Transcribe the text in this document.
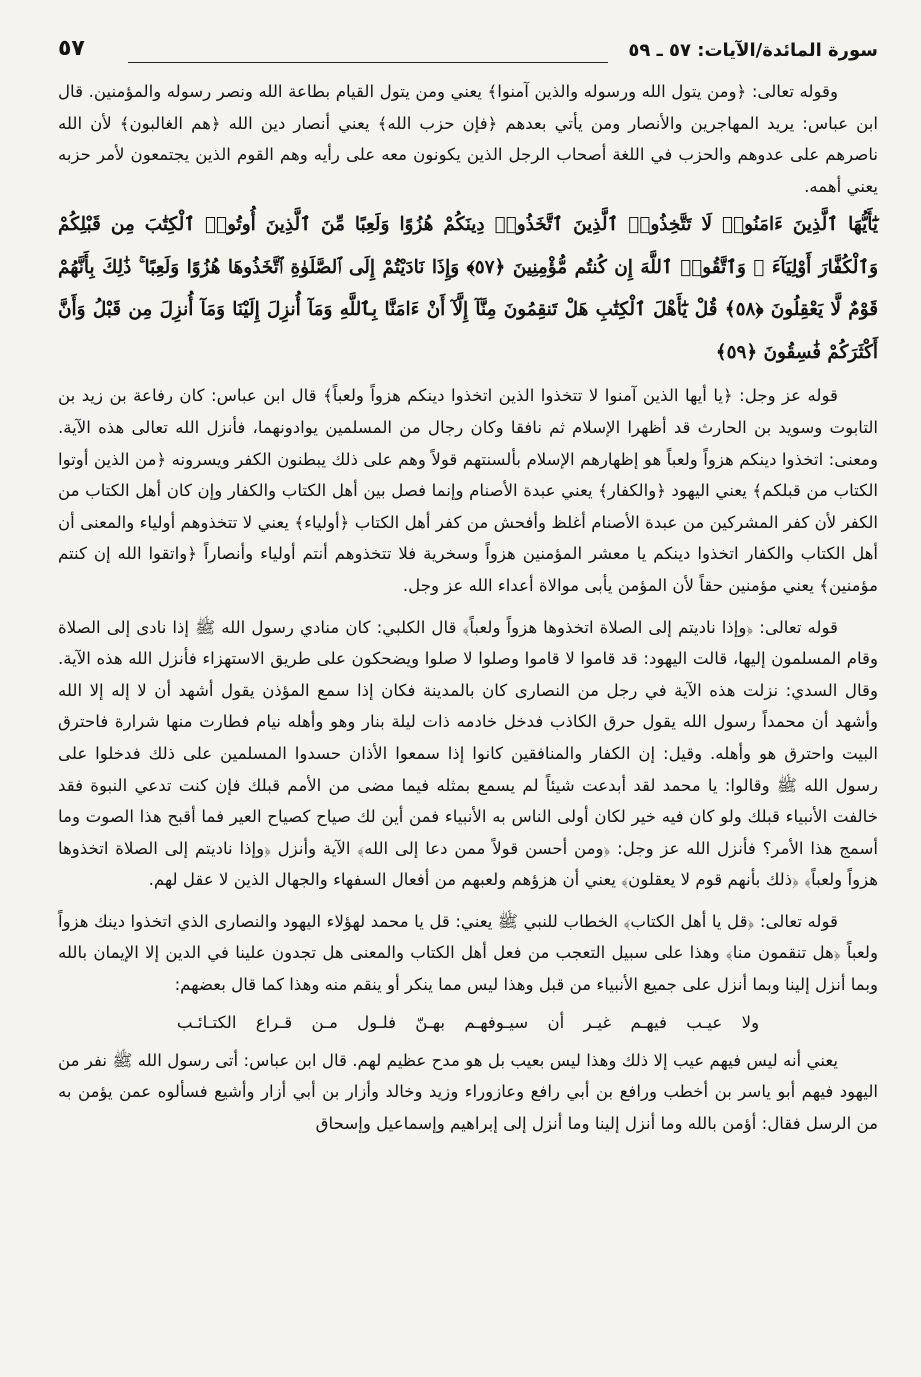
سورة المائدة/الآيات: ٥٧ ـ ٥٩
٥٧

وقوله تعالى: ﴿ومن يتول الله ورسوله والذين آمنوا﴾ يعني ومن يتول القيام بطاعة الله ونصر رسوله والمؤمنين. قال ابن عباس: يريد المهاجرين والأنصار ومن يأتي بعدهم ﴿فإن حزب الله﴾ يعني أنصار دين الله ﴿هم الغالبون﴾ لأن الله ناصرهم على عدوهم والحزب في اللغة أصحاب الرجل الذين يكونون معه على رأيه وهم القوم الذين يجتمعون لأمر حزبه يعني أهمه.

يَٰٓأَيُّهَا ٱلَّذِينَ ءَامَنُوا۟ لَا تَتَّخِذُوا۟ ٱلَّذِينَ ٱتَّخَذُوا۟ دِينَكُمْ هُزُوًا وَلَعِبًا مِّنَ ٱلَّذِينَ أُوتُوا۟ ٱلْكِتَٰبَ مِن قَبْلِكُمْ وَٱلْكُفَّارَ أَوْلِيَآءَ ۚ وَٱتَّقُوا۟ ٱللَّهَ إِن كُنتُم مُّؤْمِنِينَ ﴿٥٧﴾ وَإِذَا نَادَيْتُمْ إِلَى ٱلصَّلَوٰةِ ٱتَّخَذُوهَا هُزُوًا وَلَعِبًا ۚ ذَٰلِكَ بِأَنَّهُمْ قَوْمٌ لَّا يَعْقِلُونَ ﴿٥٨﴾ قُلْ يَٰٓأَهْلَ ٱلْكِتَٰبِ هَلْ تَنقِمُونَ مِنَّآ إِلَّآ أَنْ ءَامَنَّا بِٱللَّهِ وَمَآ أُنزِلَ إِلَيْنَا وَمَآ أُنزِلَ مِن قَبْلُ وَأَنَّ أَكْثَرَكُمْ فَٰسِقُونَ ﴿٥٩﴾

قوله عز وجل: ﴿يا أيها الذين آمنوا لا تتخذوا الذين اتخذوا دينكم هزواً ولعباً﴾ قال ابن عباس: كان رفاعة بن زيد بن التابوت وسويد بن الحارث قد أظهرا الإسلام ثم نافقا وكان رجال من المسلمين يوادونهما، فأنزل الله تعالى هذه الآية. ومعنى: اتخذوا دينكم هزواً ولعباً هو إظهارهم الإسلام بألسنتهم قولاً وهم على ذلك يبطنون الكفر ويسرونه ﴿من الذين أوتوا الكتاب من قبلكم﴾ يعني اليهود ﴿والكفار﴾ يعني عبدة الأصنام وإنما فصل بين أهل الكتاب والكفار وإن كان أهل الكتاب من الكفر لأن كفر المشركين من عبدة الأصنام أغلظ وأفحش من كفر أهل الكتاب ﴿أولياء﴾ يعني لا تتخذوهم أولياء والمعنى أن أهل الكتاب والكفار اتخذوا دينكم يا معشر المؤمنين هزواً وسخرية فلا تتخذوهم أنتم أولياء وأنصاراً ﴿واتقوا الله إن كنتم مؤمنين﴾ يعني مؤمنين حقاً لأن المؤمن يأبى موالاة أعداء الله عز وجل.

قوله تعالى: ﴿وإذا ناديتم إلى الصلاة اتخذوها هزواً ولعباً﴾ قال الكلبي: كان منادي رسول الله ﷺ إذا نادى إلى الصلاة وقام المسلمون إليها، قالت اليهود: قد قاموا لا قاموا وصلوا لا صلوا ويضحكون على طريق الاستهزاء فأنزل الله هذه الآية. وقال السدي: نزلت هذه الآية في رجل من النصارى كان بالمدينة فكان إذا سمع المؤذن يقول أشهد أن لا إله إلا الله وأشهد أن محمداً رسول الله يقول حرق الكاذب فدخل خادمه ذات ليلة بنار وهو وأهله نيام فطارت منها شرارة فاحترق البيت واحترق هو وأهله. وقيل: إن الكفار والمنافقين كانوا إذا سمعوا الأذان حسدوا المسلمين على ذلك فدخلوا على رسول الله ﷺ وقالوا: يا محمد لقد أبدعت شيئاً لم يسمع بمثله فيما مضى من الأمم قبلك فإن كنت تدعي النبوة فقد خالفت الأنبياء قبلك ولو كان فيه خير لكان أولى الناس به الأنبياء فمن أين لك صياح كصياح العير فما أقبح هذا الصوت وما أسمج هذا الأمر؟ فأنزل الله عز وجل: ﴿ومن أحسن قولاً ممن دعا إلى الله﴾ الآية وأنزل ﴿وإذا ناديتم إلى الصلاة اتخذوها هزواً ولعباً﴾ ﴿ذلك بأنهم قوم لا يعقلون﴾ يعني أن هزؤهم ولعبهم من أفعال السفهاء والجهال الذين لا عقل لهم.

قوله تعالى: ﴿قل يا أهل الكتاب﴾ الخطاب للنبي ﷺ يعني: قل يا محمد لهؤلاء اليهود والنصارى الذي اتخذوا دينك هزواً ولعباً ﴿هل تنقمون منا﴾ وهذا على سبيل التعجب من فعل أهل الكتاب والمعنى هل تجدون علينا في الدين إلا الإيمان بالله وبما أنزل إلينا وبما أنزل على جميع الأنبياء من قبل وهذا ليس مما ينكر أو ينقم منه وهذا كما قال بعضهم:

ولا عيـب فيهـم غيـر أن سيـوفهـم بهـنّ فلـول مـن قـراع الكتـائـب

يعني أنه ليس فيهم عيب إلا ذلك وهذا ليس بعيب بل هو مدح عظيم لهم. قال ابن عباس: أتى رسول الله ﷺ نفر من اليهود فيهم أبو ياسر بن أخطب ورافع بن أبي رافع وعازوراء وزيد وخالد وأزار بن أبي أزار وأشيع فسألوه عمن يؤمن به من الرسل فقال: أؤمن بالله وما أنزل إلينا وما أنزل إلى إبراهيم وإسماعيل وإسحاق
